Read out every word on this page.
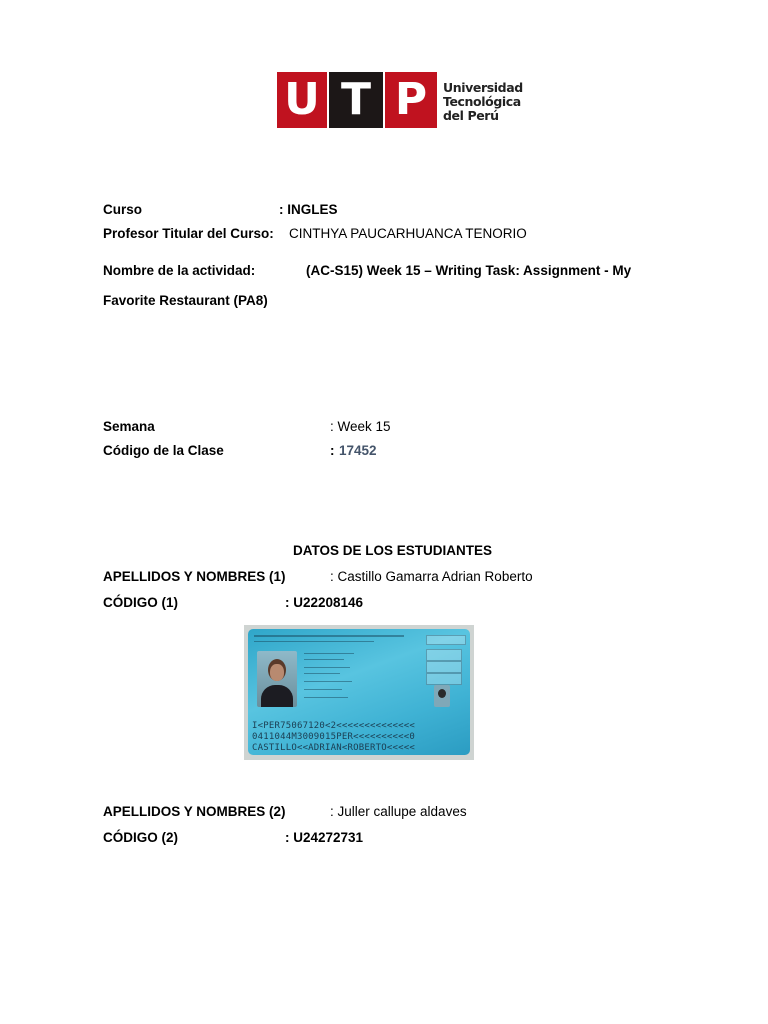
U T P	Universidad
Tecnológica
del Perú
Curso	: INGLES
Profesor Titular del Curso: CINTHYA PAUCARHUANCA TENORIO
Nombre de la actividad:	(AC-S15) Week 15 – Writing Task: Assignment - My
Favorite Restaurant (PA8)
Semana	: Week 15
Código de la Clase	: 17452
DATOS DE LOS ESTUDIANTES
APELLIDOS Y NOMBRES (1)	: Castillo Gamarra Adrian Roberto
CÓDIGO (1)	: U22208146
I<PER75067120<2<<<<<<<<<<<<<<
0411044M3009015PER<<<<<<<<<<0
CASTILLO<<ADRIAN<ROBERTO<<<<<
APELLIDOS Y NOMBRES (2)	: Juller callupe aldaves
CÓDIGO (2)	: U24272731
